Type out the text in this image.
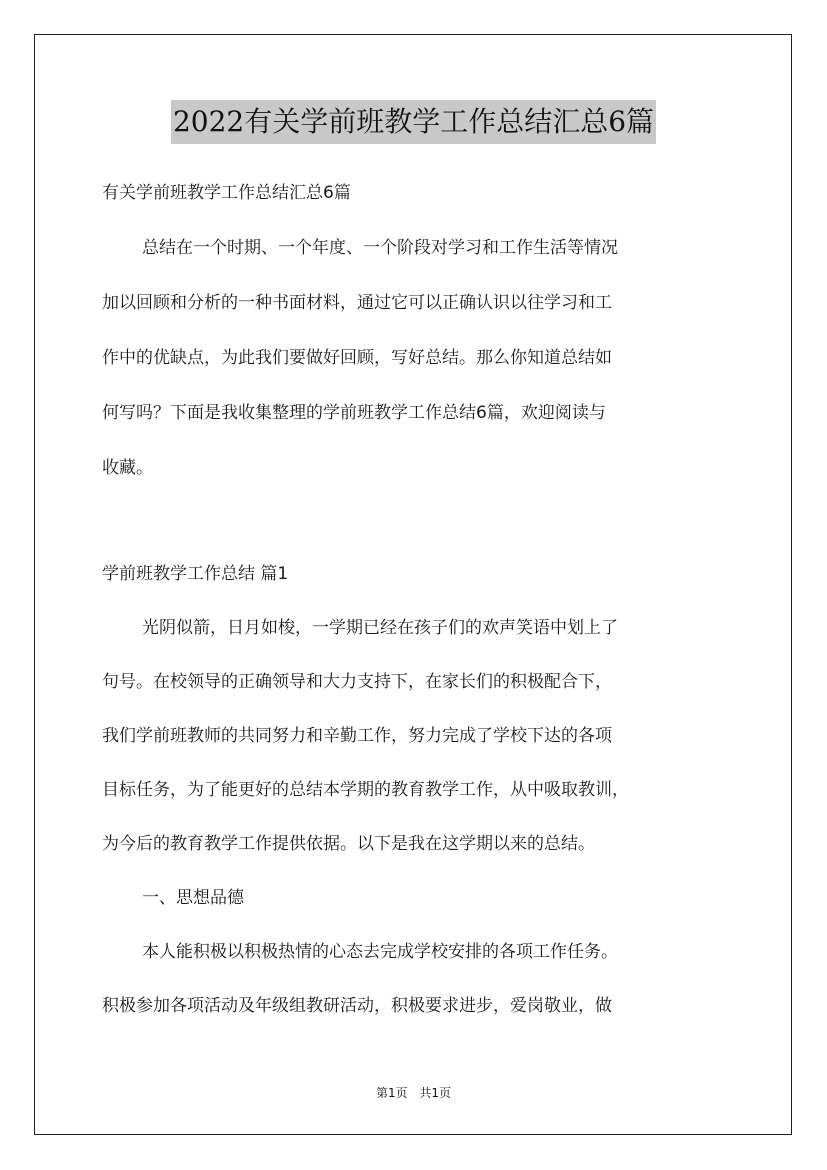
2022有关学前班教学工作总结汇总6篇
有关学前班教学工作总结汇总6篇
总结在一个时期、一个年度、一个阶段对学习和工作生活等情况
加以回顾和分析的一种书面材料，通过它可以正确认识以往学习和工
作中的优缺点，为此我们要做好回顾，写好总结。那么你知道总结如
何写吗？下面是我收集整理的学前班教学工作总结6篇，欢迎阅读与
收藏。
学前班教学工作总结 篇1
光阴似箭，日月如梭，一学期已经在孩子们的欢声笑语中划上了
句号。在校领导的正确领导和大力支持下，在家长们的积极配合下，
我们学前班教师的共同努力和辛勤工作，努力完成了学校下达的各项
目标任务，为了能更好的总结本学期的教育教学工作，从中吸取教训，
为今后的教育教学工作提供依据。以下是我在这学期以来的总结。
一、思想品德
本人能积极以积极热情的心态去完成学校安排的各项工作任务。
积极参加各项活动及年级组教研活动，积极要求进步，爱岗敬业，做
第1页 共1页
